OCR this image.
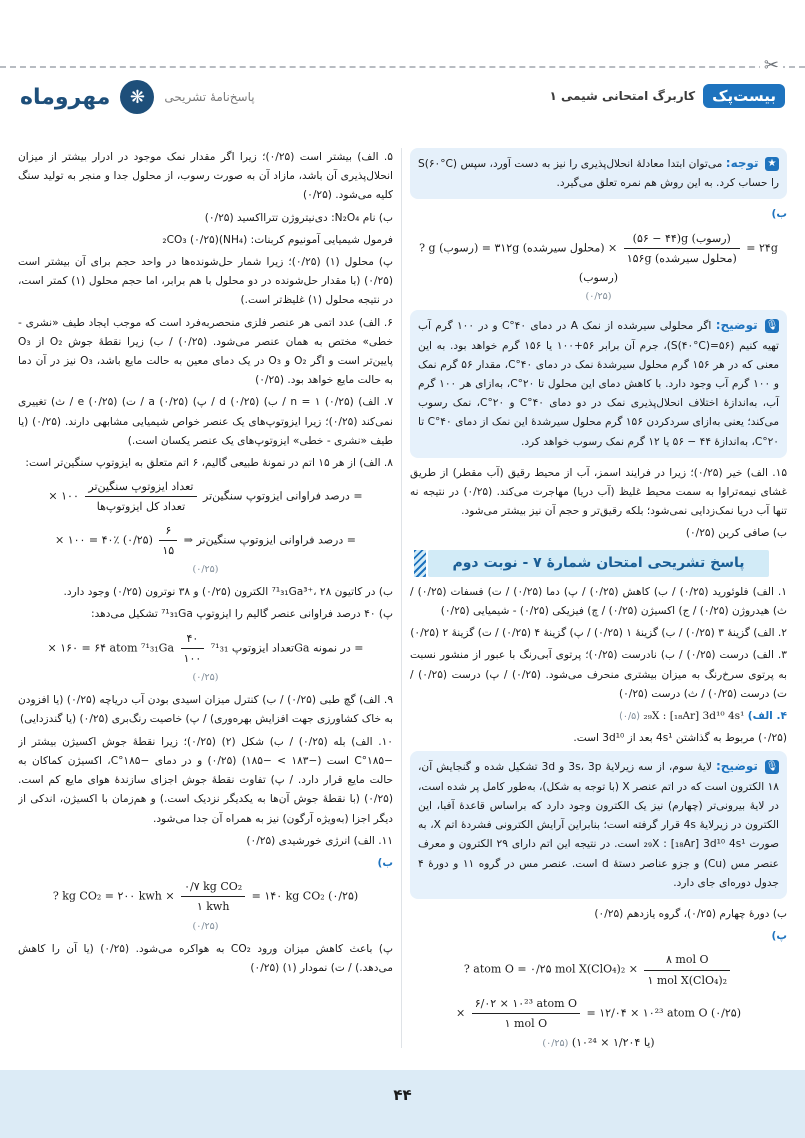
✂
بیست‌پک
کاربرگ امتحانی شیمی ۱
پاسخ‌نامهٔ تشریحی
❋
مهروماه
★ توجه: می‌توان ابتدا معادلهٔ انحلال‌پذیری را نیز به دست آورد، سپس S(۶۰°C) را حساب کرد. به این روش هم نمره تعلق می‌گیرد.

ب)

? g (رسوب) = ۳۱۲g (محلول سیرشده) × $\frac{\text{(۵۶ − ۴۴)g (رسوب)}}{\text{۱۵۶g (محلول سیرشده)}}$ = ۲۴g (رسوب)
(۰/۲۵)
🎙 توضیح: اگر محلولی سیرشده از نمک A در دمای ۴۰°C و در ۱۰۰ گرم آب تهیه کنیم (S(۴۰°C)=۵۶)، جرم آن برابر ۵۶+۱۰۰ یا ۱۵۶ گرم خواهد بود. به این معنی که در هر ۱۵۶ گرم محلول سیرشدهٔ نمک در دمای ۴۰°C، مقدار ۵۶ گرم نمک و ۱۰۰ گرم آب وجود دارد. با کاهش دمای این محلول تا ۲۰°C، به‌ازای هر ۱۰۰ گرم آب، به‌اندازهٔ اختلاف انحلال‌پذیری نمک در دو دمای ۴۰°C و ۲۰°C، نمک رسوب می‌کند؛ یعنی به‌ازای سردکردن ۱۵۶ گرم محلول سیرشدهٔ این نمک از دمای ۴۰°C تا ۲۰°C، به‌اندازهٔ ۴۴ − ۵۶ یا ۱۲ گرم نمک رسوب خواهد کرد.

۱۵. الف) خیر (۰/۲۵)؛ زیرا در فرایند اسمز، آب از محیط رقیق (آب مقطر) از طریق غشای نیمه‌تراوا به سمت محیط غلیظ (آب دریا) مهاجرت می‌کند. (۰/۲۵) در نتیجه نه تنها آب دریا نمک‌زدایی نمی‌شود؛ بلکه رقیق‌تر و حجم آن نیز بیشتر می‌شود.

ب) صافی کربن (۰/۲۵)

پاسخ تشریحی امتحان شمارهٔ ۷ - نوبت دوم

۱. الف) فلوئورید (۰/۲۵) / ب) کاهش (۰/۲۵) / پ) دما (۰/۲۵) / ت) فسفات (۰/۲۵) / ث) هیدروژن (۰/۲۵) / ج) اکسیژن (۰/۲۵) / چ) فیزیکی (۰/۲۵) - شیمیایی (۰/۲۵)

۲. الف) گزینهٔ ۳ (۰/۲۵) / ب) گزینهٔ ۱ (۰/۲۵) / پ) گزینهٔ ۴ (۰/۲۵) / ت) گزینهٔ ۲ (۰/۲۵)

۳. الف) درست (۰/۲۵) / ب) نادرست (۰/۲۵)؛ پرتوی آبی‌رنگ با عبور از منشور نسبت به پرتوی سرخ‌رنگ به میزان بیشتری منحرف می‌شود. (۰/۲۵) / پ) درست (۰/۲۵) / ت) درست (۰/۲۵) / ث) درست (۰/۲۵)

۴. الف) ₂₉X : [₁₈Ar] 3d¹⁰ 4s¹ (۰/۵)

(۰/۲۵) مربوط به گذاشتن 4s¹ بعد از 3d¹⁰ است.

🎙 توضیح: لایهٔ سوم، از سه زیرلایهٔ 3s، 3p و 3d تشکیل شده و گنجایش آن، ۱۸ الکترون است که در اتم عنصر X (با توجه به شکل)، به‌طور کامل پر شده است، در لایهٔ بیرونی‌تر (چهارم) نیز یک الکترون وجود دارد که براساس قاعدهٔ آفبا، این الکترون در زیرلایهٔ 4s قرار گرفته است؛ بنابراین آرایش الکترونی فشردهٔ اتم X، به صورت ₂₉X : [₁₈Ar] 3d¹⁰ 4s¹ است. در نتیجه این اتم دارای ۲۹ الکترون و معرف عنصر مس (Cu) و جزو عناصر دستهٔ d است. عنصر مس در گروه ۱۱ و دورهٔ ۴ جدول دوره‌ای جای دارد.

ب) دورهٔ چهارم (۰/۲۵)، گروه یازدهم (۰/۲۵)

پ)

? atom O = ۰/۲۵ mol $X(ClO_4)_2 \times \frac{\text{۸ mol O}}{\text{۱ mol X(ClO₄)₂}}$
× $\frac{\text{۶/۰۲ × ۱۰²³ atom O}}{\text{۱ mol O}}$ = ۱۲/۰۴ × ۱۰²³ atom O (۰/۲۵)
(۰/۲۵) (یا ۱/۲۰۴ × ۱۰²⁴)

۵. الف) بیشتر است (۰/۲۵)؛ زیرا اگر مقدار نمک موجود در ادرار بیشتر از میزان انحلال‌پذیری آن باشد، مازاد آن به صورت رسوب، از محلول جدا و منجر به تولید سنگ کلیه می‌شود. (۰/۲۵)

ب) نام N₂O₄: دی‌نیتروژن تترااکسید (۰/۲۵)

فرمول شیمیایی آمونیوم کربنات: (NH₄)₂CO₃ (۰/۲۵)

پ) محلول (۱) (۰/۲۵)؛ زیرا شمار حل‌شونده‌ها در واحد حجم برای آن بیشتر است (۰/۲۵) (با مقدار حل‌شونده در دو محلول با هم برابر، اما حجم محلول (۱) کمتر است، در نتیجه محلول (۱) غلیظ‌تر است.)

۶. الف) عدد اتمی هر عنصر فلزی منحصربه‌فرد است که موجب ایجاد طیف «نشری - خطی» مختص به همان عنصر می‌شود. (۰/۲۵) / ب) زیرا نقطهٔ جوش O₂ از O₃ پایین‌تر است و اگر O₂ و O₃ در یک دمای معین به حالت مایع باشد، O₃ نیز در آن دما به حالت مایع خواهد بود. (۰/۲۵)

۷. الف) n = ۱ (۰/۲۵) / ب) d (۰/۲۵) / پ) a (۰/۲۵) / ت) e (۰/۲۵) / ث) تغییری نمی‌کند (۰/۲۵)؛ زیرا ایزوتوپ‌های یک عنصر خواص شیمیایی مشابهی دارند. (۰/۲۵) (یا طیف «نشری - خطی» ایزوتوپ‌های یک عنصر یکسان است.)

۸. الف) از هر ۱۵ اتم در نمونهٔ طبیعی گالیم، ۶ اتم متعلق به ایزوتوپ سنگین‌تر است:

× ۱۰۰ $\frac{\text{تعداد ایزوتوپ سنگین‌تر}}{\text{تعداد کل ایزوتوپ‌ها}}$ درصد فراوانی ایزوتوپ سنگین‌تر =
× ۱۰۰ = ۴۰٪ (۰/۲۵) $\frac{۶}{۱۵}$ ⇒ درصد فراوانی ایزوتوپ سنگین‌تر =
(۰/۲۵)

ب) در کاتیون ⁷¹₃₁Ga³⁺، ۲۸ الکترون (۰/۲۵) و ۳۸ نوترون (۰/۲۵) وجود دارد.

پ) ۴۰ درصد فراوانی عنصر گالیم را ایزوتوپ ⁷¹₃₁Ga تشکیل می‌دهد:

× ۱۶۰ = ۶۴ atom $^{71}_{31}Ga \frac{۴۰}{۱۰۰}$ تعداد ایزوتوپ ⁷¹₃₁Ga در نمونه =
(۰/۲۵)

۹. الف) گچ طبی (۰/۲۵) / ب) کنترل میزان اسیدی بودن آب دریاچه (۰/۲۵) (یا افزودن به خاک کشاورزی جهت افزایش بهره‌وری) / پ) خاصیت رنگ‌بری (۰/۲۵) (یا گندزدایی)

۱۰. الف) بله (۰/۲۵) / ب) شکل (۲) (۰/۲۵)؛ زیرا نقطهٔ جوش اکسیژن بیشتر از −۱۸۵°C است (−۱۸۳ > −۱۸۵) (۰/۲۵) و در دمای −۱۸۵°C، اکسیژن کماکان به حالت مایع قرار دارد. / پ) تفاوت نقطهٔ جوش اجزای سازندهٔ هوای مایع کم است. (۰/۲۵) (با نقطهٔ جوش آن‌ها به یکدیگر نزدیک است.) و هم‌زمان با اکسیژن، اندکی از دیگر اجزا (به‌ویژه آرگون) نیز به همراه آن جدا می‌شود.

۱۱. الف) انرژی خورشیدی (۰/۲۵)

ب)

? kg CO₂ = ۲۰۰ kwh × $\frac{\text{۰/۷ kg CO₂}}{\text{۱ kwh}}$ = ۱۴۰ kg CO₂ (۰/۲۵)
(۰/۲۵)

پ) باعث کاهش میزان ورود CO₂ به هواکره می‌شود. (۰/۲۵) (یا آن را کاهش می‌دهد.) / ت) نمودار (۱) (۰/۲۵)

۴۴
